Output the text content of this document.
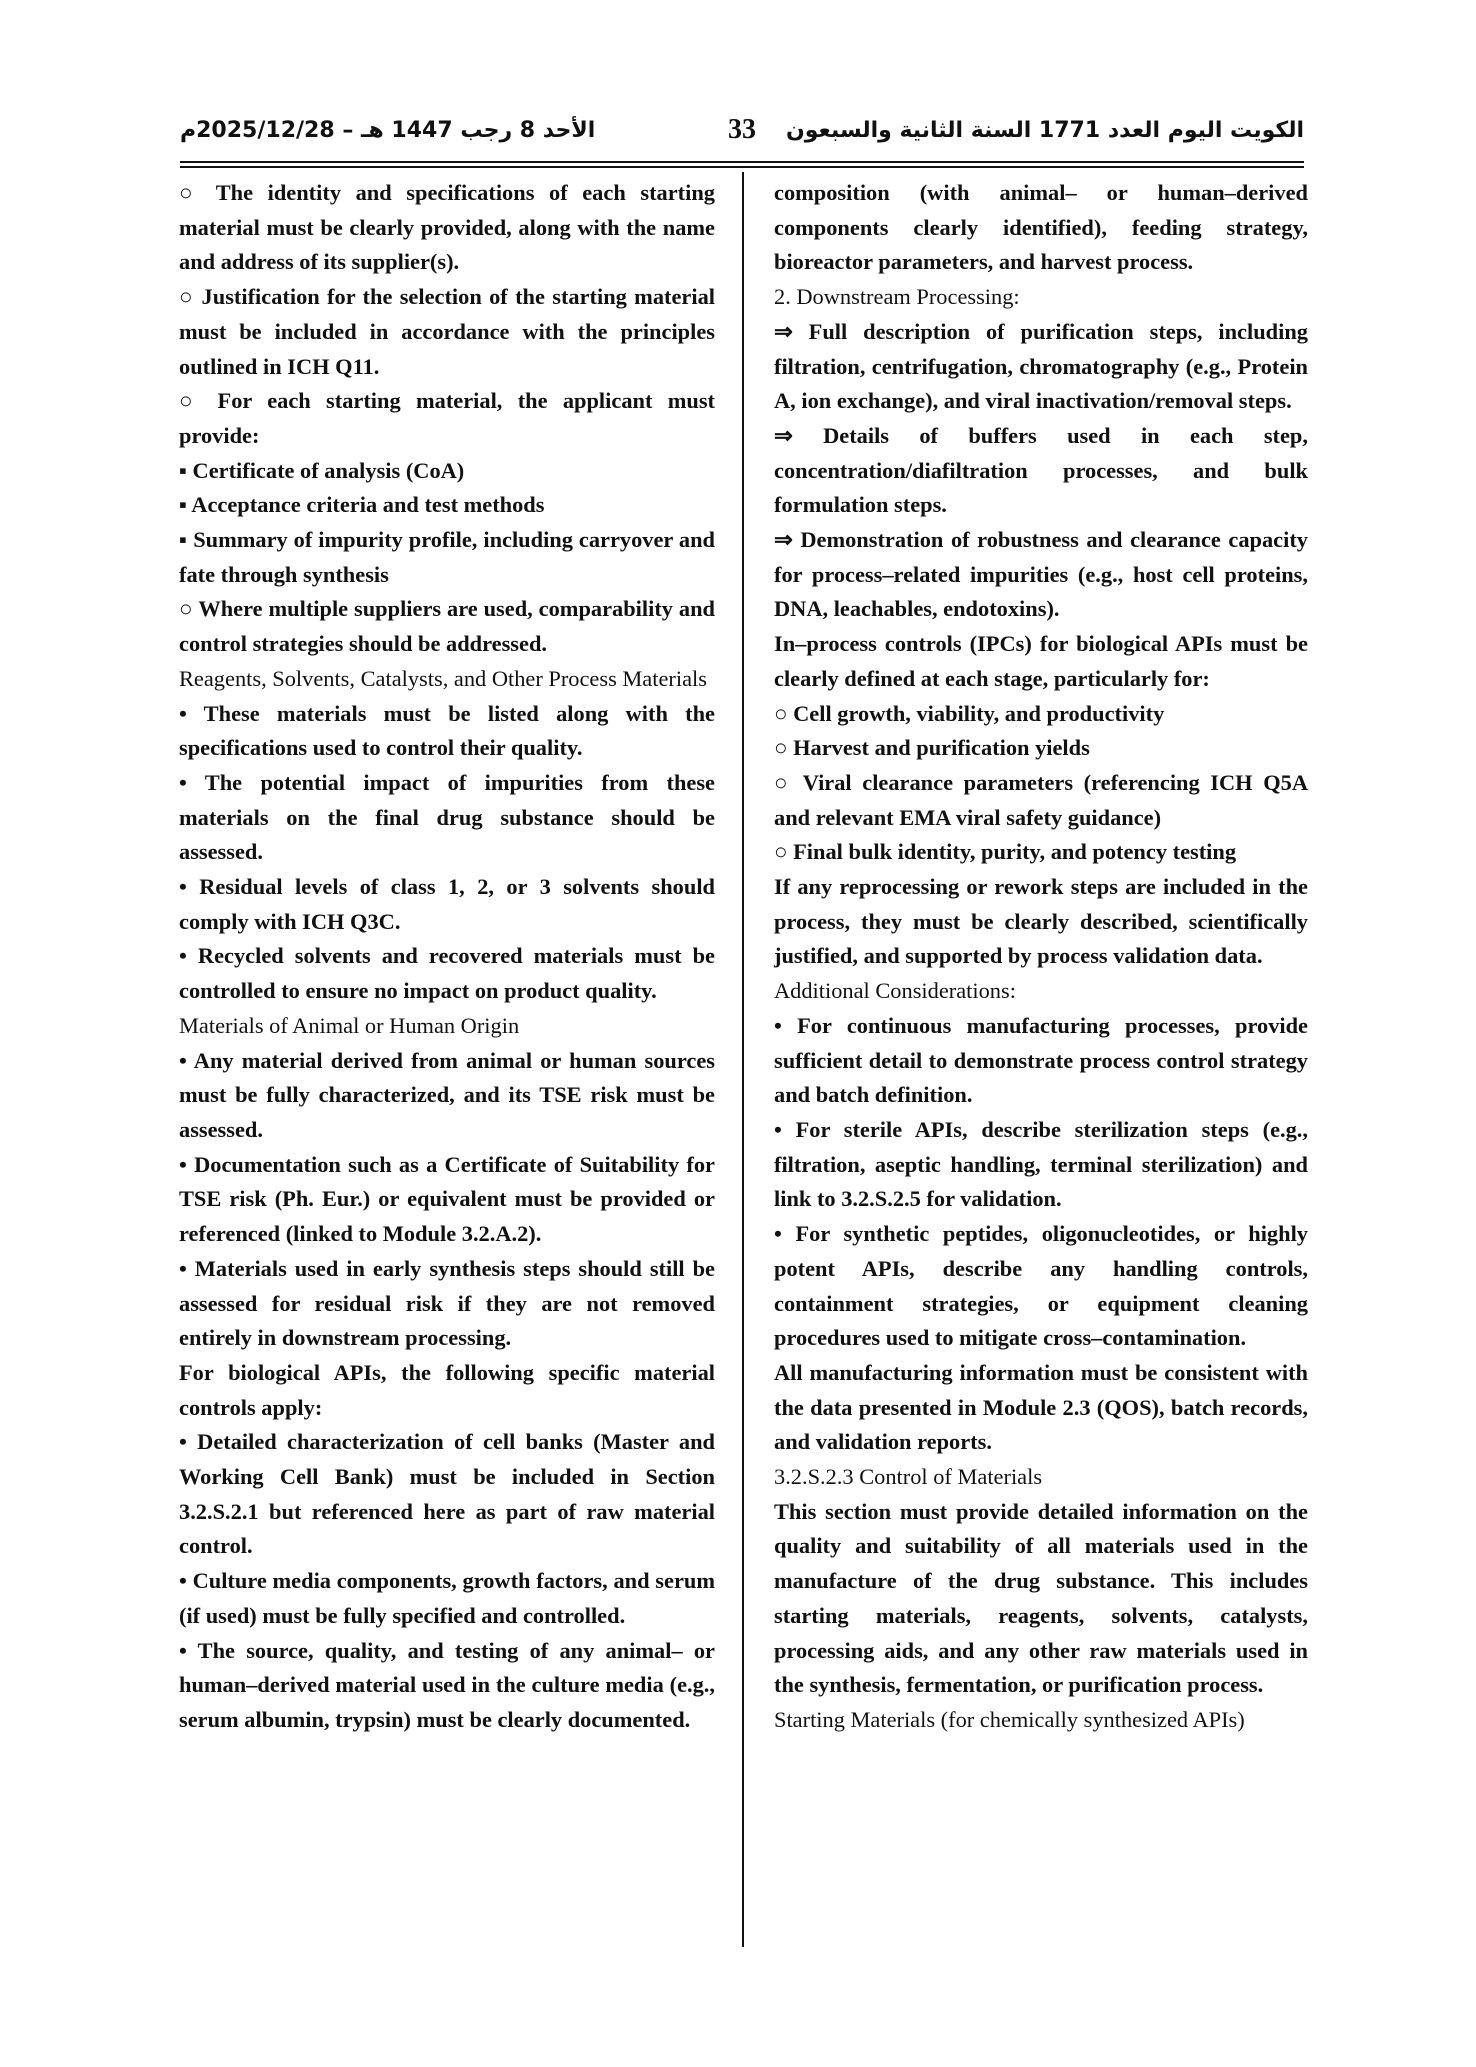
الأحد 8 رجب 1447 هـ – 2025/12/28م	33	الكويت اليوم العدد 1771 السنة الثانية والسبعون

○ The identity and specifications of each starting material must be clearly provided, along with the name and address of its supplier(s).

○ Justification for the selection of the starting material must be included in accordance with the principles outlined in ICH Q11.

○ For each starting material, the applicant must provide:

▪ Certificate of analysis (CoA)

▪ Acceptance criteria and test methods

▪ Summary of impurity profile, including carryover and fate through synthesis

○ Where multiple suppliers are used, comparability and control strategies should be addressed.

Reagents, Solvents, Catalysts, and Other Process Materials

• These materials must be listed along with the specifications used to control their quality.

• The potential impact of impurities from these materials on the final drug substance should be assessed.

• Residual levels of class 1, 2, or 3 solvents should comply with ICH Q3C.

• Recycled solvents and recovered materials must be controlled to ensure no impact on product quality.

Materials of Animal or Human Origin

• Any material derived from animal or human sources must be fully characterized, and its TSE risk must be assessed.

• Documentation such as a Certificate of Suitability for TSE risk (Ph. Eur.) or equivalent must be provided or referenced (linked to Module 3.2.A.2).

• Materials used in early synthesis steps should still be assessed for residual risk if they are not removed entirely in downstream processing.

For biological APIs, the following specific material controls apply:

• Detailed characterization of cell banks (Master and Working Cell Bank) must be included in Section 3.2.S.2.1 but referenced here as part of raw material control.

• Culture media components, growth factors, and serum (if used) must be fully specified and controlled.

• The source, quality, and testing of any animal– or human–derived material used in the culture media (e.g., serum albumin, trypsin) must be clearly documented.

composition (with animal– or human–derived components clearly identified), feeding strategy, bioreactor parameters, and harvest process.

2. Downstream Processing:

⇒ Full description of purification steps, including filtration, centrifugation, chromatography (e.g., Protein A, ion exchange), and viral inactivation/removal steps.

⇒ Details of buffers used in each step, concentration/diafiltration processes, and bulk formulation steps.

⇒ Demonstration of robustness and clearance capacity for process–related impurities (e.g., host cell proteins, DNA, leachables, endotoxins).

In–process controls (IPCs) for biological APIs must be clearly defined at each stage, particularly for:

○ Cell growth, viability, and productivity

○ Harvest and purification yields

○ Viral clearance parameters (referencing ICH Q5A and relevant EMA viral safety guidance)

○ Final bulk identity, purity, and potency testing

If any reprocessing or rework steps are included in the process, they must be clearly described, scientifically justified, and supported by process validation data.

Additional Considerations:

• For continuous manufacturing processes, provide sufficient detail to demonstrate process control strategy and batch definition.

• For sterile APIs, describe sterilization steps (e.g., filtration, aseptic handling, terminal sterilization) and link to 3.2.S.2.5 for validation.

• For synthetic peptides, oligonucleotides, or highly potent APIs, describe any handling controls, containment strategies, or equipment cleaning procedures used to mitigate cross–contamination.

All manufacturing information must be consistent with the data presented in Module 2.3 (QOS), batch records, and validation reports.

3.2.S.2.3 Control of Materials

This section must provide detailed information on the quality and suitability of all materials used in the manufacture of the drug substance. This includes starting materials, reagents, solvents, catalysts, processing aids, and any other raw materials used in the synthesis, fermentation, or purification process.

Starting Materials (for chemically synthesized APIs)
